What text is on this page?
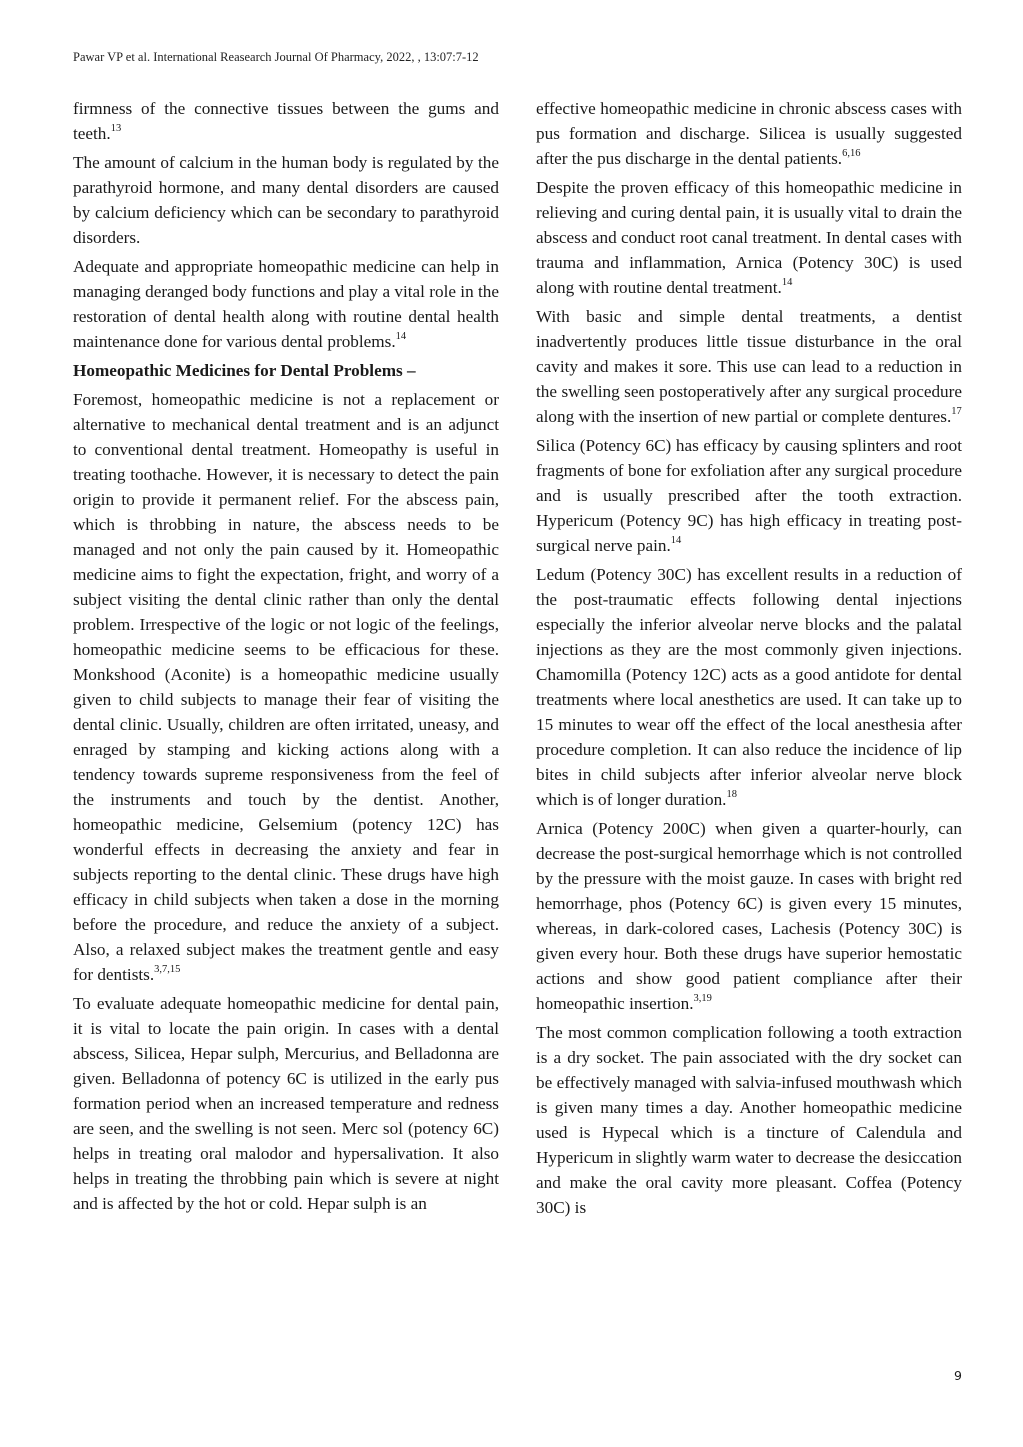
Pawar VP et al. International Reasearch Journal Of Pharmacy, 2022, , 13:07:7-12

firmness of the connective tissues between the gums and teeth.$^{13}$

The amount of calcium in the human body is regulated by the parathyroid hormone, and many dental disorders are caused by calcium deficiency which can be secondary to parathyroid disorders.

Adequate and appropriate homeopathic medicine can help in managing deranged body functions and play a vital role in the restoration of dental health along with routine dental health maintenance done for various dental problems.$^{14}$

Homeopathic Medicines for Dental Problems –

Foremost, homeopathic medicine is not a replacement or alternative to mechanical dental treatment and is an adjunct to conventional dental treatment. Homeopathy is useful in treating toothache. However, it is necessary to detect the pain origin to provide it permanent relief. For the abscess pain, which is throbbing in nature, the abscess needs to be managed and not only the pain caused by it. Homeopathic medicine aims to fight the expectation, fright, and worry of a subject visiting the dental clinic rather than only the dental problem. Irrespective of the logic or not logic of the feelings, homeopathic medicine seems to be efficacious for these. Monkshood (Aconite) is a homeopathic medicine usually given to child subjects to manage their fear of visiting the dental clinic. Usually, children are often irritated, uneasy, and enraged by stamping and kicking actions along with a tendency towards supreme responsiveness from the feel of the instruments and touch by the dentist. Another, homeopathic medicine, Gelsemium (potency 12C) has wonderful effects in decreasing the anxiety and fear in subjects reporting to the dental clinic. These drugs have high efficacy in child subjects when taken a dose in the morning before the procedure, and reduce the anxiety of a subject. Also, a relaxed subject makes the treatment gentle and easy for dentists.$^{3,7,15}$

To evaluate adequate homeopathic medicine for dental pain, it is vital to locate the pain origin. In cases with a dental abscess, Silicea, Hepar sulph, Mercurius, and Belladonna are given. Belladonna of potency 6C is utilized in the early pus formation period when an increased temperature and redness are seen, and the swelling is not seen. Merc sol (potency 6C) helps in treating oral malodor and hypersalivation. It also helps in treating the throbbing pain which is severe at night and is affected by the hot or cold. Hepar sulph is an

effective homeopathic medicine in chronic abscess cases with pus formation and discharge. Silicea is usually suggested after the pus discharge in the dental patients.$^{6,16}$

Despite the proven efficacy of this homeopathic medicine in relieving and curing dental pain, it is usually vital to drain the abscess and conduct root canal treatment. In dental cases with trauma and inflammation, Arnica (Potency 30C) is used along with routine dental treatment.$^{14}$

With basic and simple dental treatments, a dentist inadvertently produces little tissue disturbance in the oral cavity and makes it sore. This use can lead to a reduction in the swelling seen postoperatively after any surgical procedure along with the insertion of new partial or complete dentures.$^{17}$

Silica (Potency 6C) has efficacy by causing splinters and root fragments of bone for exfoliation after any surgical procedure and is usually prescribed after the tooth extraction. Hypericum (Potency 9C) has high efficacy in treating post-surgical nerve pain.$^{14}$

Ledum (Potency 30C) has excellent results in a reduction of the post-traumatic effects following dental injections especially the inferior alveolar nerve blocks and the palatal injections as they are the most commonly given injections. Chamomilla (Potency 12C) acts as a good antidote for dental treatments where local anesthetics are used. It can take up to 15 minutes to wear off the effect of the local anesthesia after procedure completion. It can also reduce the incidence of lip bites in child subjects after inferior alveolar nerve block which is of longer duration.$^{18}$

Arnica (Potency 200C) when given a quarter-hourly, can decrease the post-surgical hemorrhage which is not controlled by the pressure with the moist gauze. In cases with bright red hemorrhage, phos (Potency 6C) is given every 15 minutes, whereas, in dark-colored cases, Lachesis (Potency 30C) is given every hour. Both these drugs have superior hemostatic actions and show good patient compliance after their homeopathic insertion.$^{3,19}$

The most common complication following a tooth extraction is a dry socket. The pain associated with the dry socket can be effectively managed with salvia-infused mouthwash which is given many times a day. Another homeopathic medicine used is Hypecal which is a tincture of Calendula and Hypericum in slightly warm water to decrease the desiccation and make the oral cavity more pleasant. Coffea (Potency 30C) is

9
